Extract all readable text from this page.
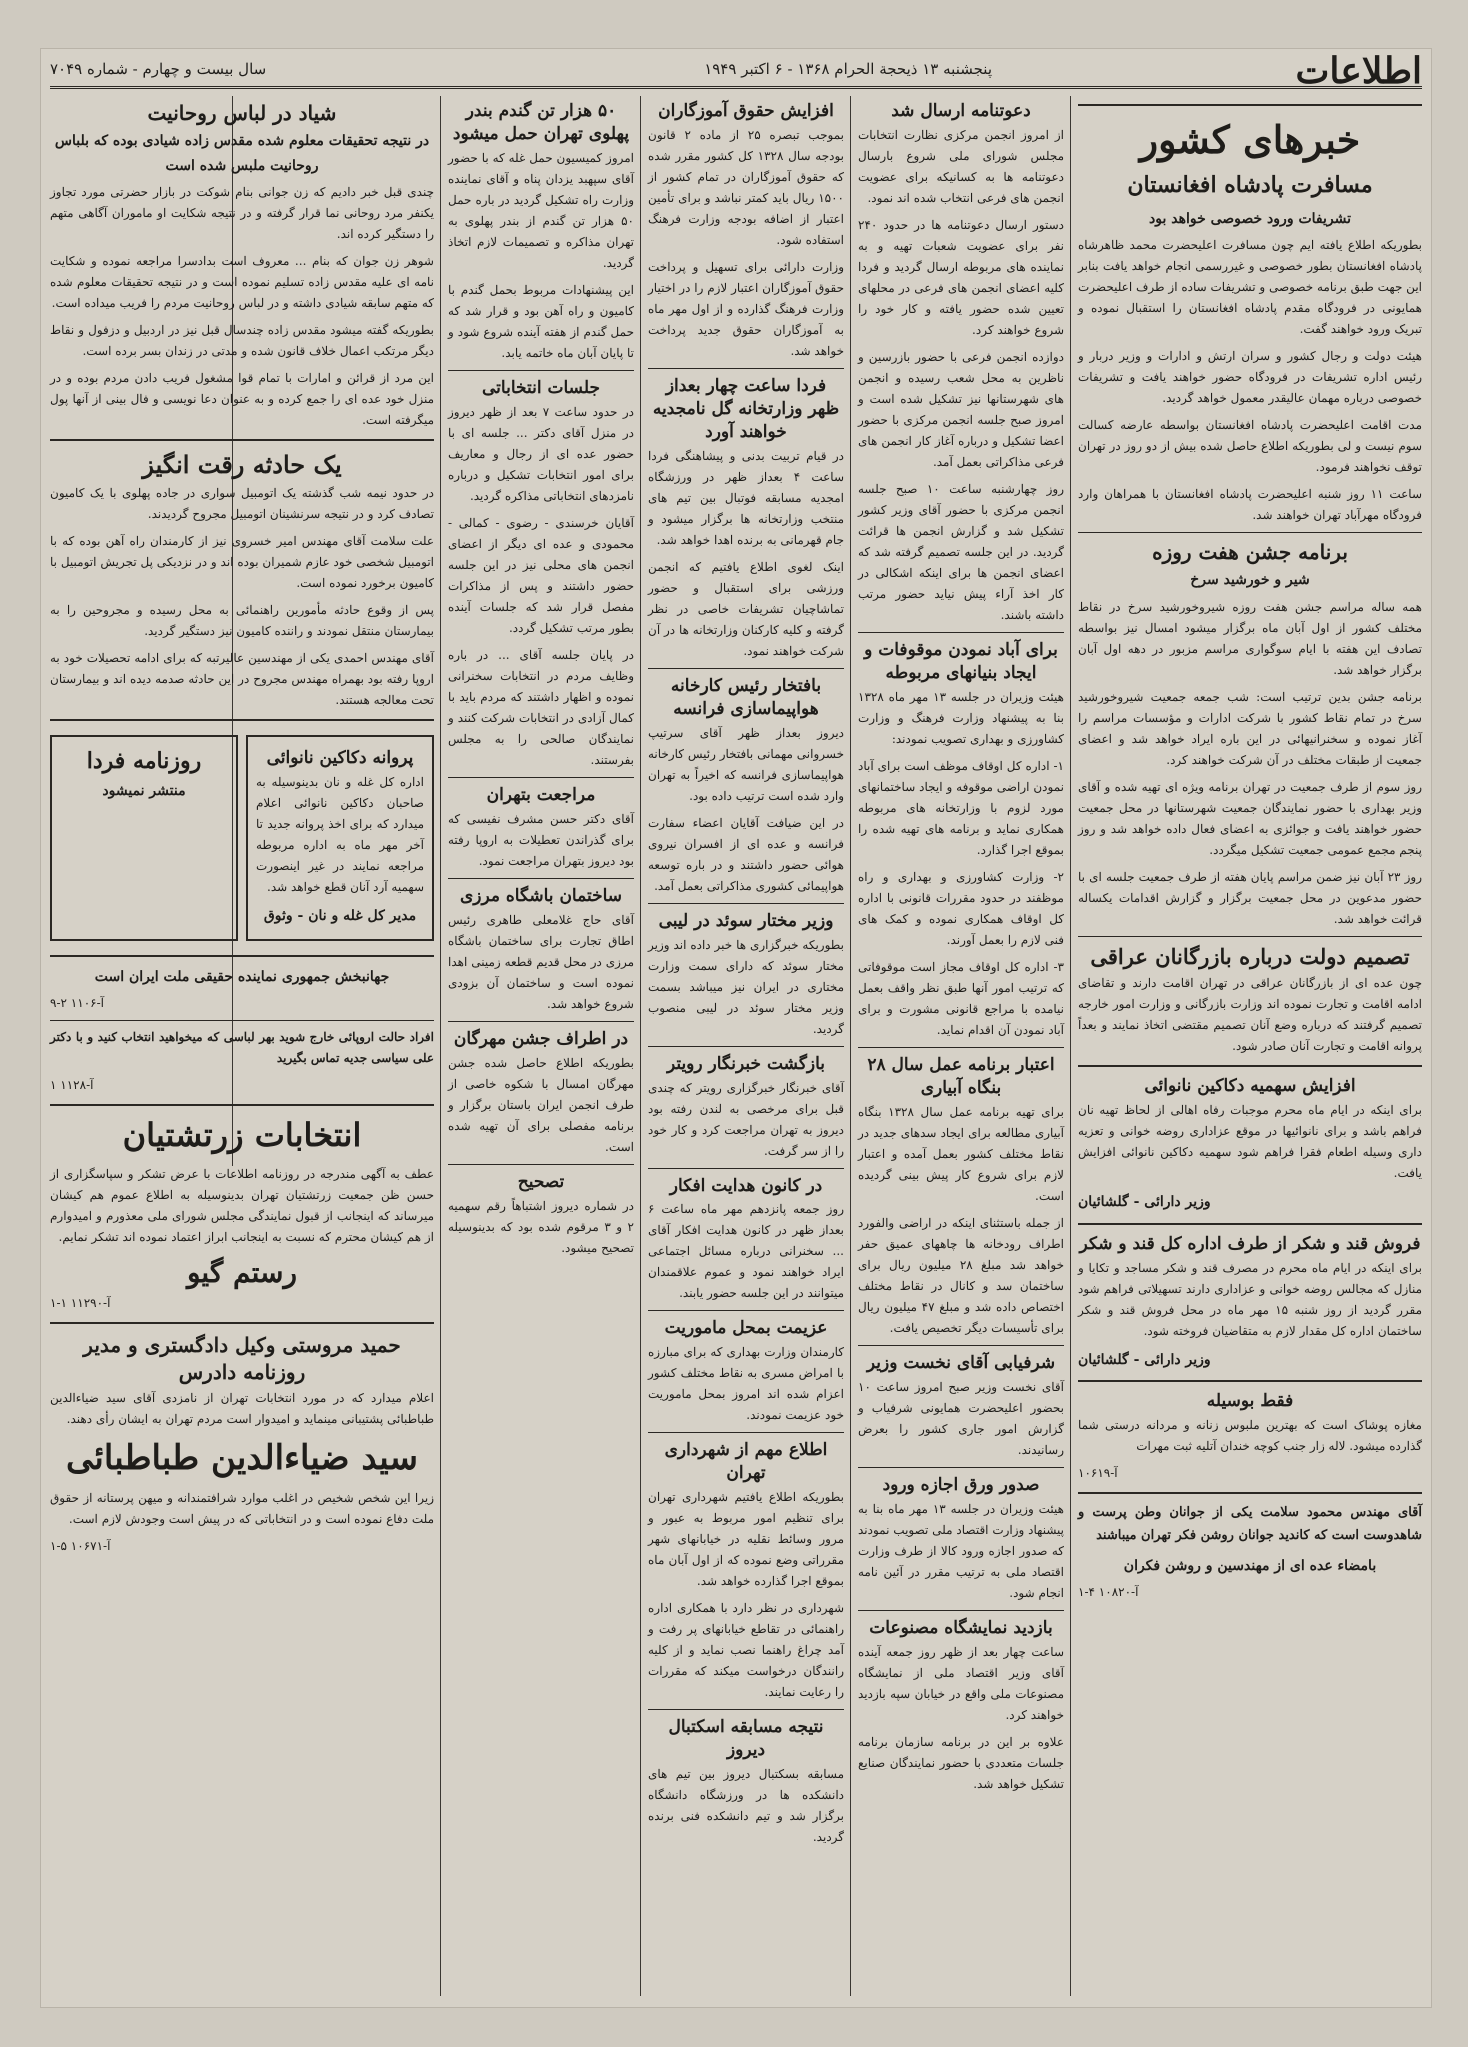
پنجشنبه ۱۳ ذیحجة الحرام ۱۳۶۸ - ۶ اکتبر ۱۹۴۹
سال بیست و چهارم - شماره ۷۰۴۹	اطلاعات
خبرهای کشور
مسافرت پادشاه افغانستان
تشریفات ورود خصوصی خواهد بود

بطوریکه اطلاع یافته ایم چون مسافرت اعلیحضرت محمد ظاهرشاه پادشاه افغانستان بطور خصوصی و غیررسمی انجام خواهد یافت بنابر این جهت طبق برنامه خصوصی و تشریفات ساده از طرف اعلیحضرت همایونی در فرودگاه مقدم پادشاه افغانستان را استقبال نموده و تبریک ورود خواهند گفت.

هیئت دولت و رجال کشور و سران ارتش و ادارات و وزیر دربار و رئیس اداره تشریفات در فرودگاه حضور خواهند یافت و تشریفات خصوصی درباره مهمان عالیقدر معمول خواهد گردید.

مدت اقامت اعلیحضرت پادشاه افغانستان بواسطه عارضه کسالت سوم نیست و لی بطوریکه اطلاع حاصل شده بیش از دو روز در تهران توقف نخواهند فرمود.

ساعت ۱۱ روز شنبه اعلیحضرت پادشاه افغانستان با همراهان وارد فرودگاه مهرآباد تهران خواهند شد.

برنامه جشن هفت روزه
شیر و خورشید سرخ

همه ساله مراسم جشن هفت روزه شیروخورشید سرخ در نقاط مختلف کشور از اول آبان ماه برگزار میشود امسال نیز بواسطه تصادف این هفته با ایام سوگواری مراسم مزبور در دهه اول آبان برگزار خواهد شد.

برنامه جشن بدین ترتیب است: شب جمعه جمعیت شیروخورشید سرخ در تمام نقاط کشور با شرکت ادارات و مؤسسات مراسم را آغاز نموده و سخنرانیهائی در این باره ایراد خواهد شد و اعضای جمعیت از طبقات مختلف در آن شرکت خواهند کرد.

روز سوم از طرف جمعیت در تهران برنامه ویژه ای تهیه شده و آقای وزیر بهداری با حضور نمایندگان جمعیت شهرستانها در محل جمعیت حضور خواهند یافت و جوائزی به اعضای فعال داده خواهد شد و روز پنجم مجمع عمومی جمعیت تشکیل میگردد.

روز ۲۳ آبان نیز ضمن مراسم پایان هفته از طرف جمعیت جلسه ای با حضور مدعوین در محل جمعیت برگزار و گزارش اقدامات یکساله قرائت خواهد شد.

تصمیم دولت درباره بازرگانان عراقی

چون عده ای از بازرگانان عراقی در تهران اقامت دارند و تقاضای ادامه اقامت و تجارت نموده اند وزارت بازرگانی و وزارت امور خارجه تصمیم گرفتند که درباره وضع آنان تصمیم مقتضی اتخاذ نمایند و بعداً پروانه اقامت و تجارت آنان صادر شود.

افزایش سهمیه دکاکین نانوائی

برای اینکه در ایام ماه محرم موجبات رفاه اهالی از لحاظ تهیه نان فراهم باشد و برای نانوائیها در موقع عزاداری روضه خوانی و تعزیه داری وسیله اطعام فقرا فراهم شود سهمیه دکاکین نانوائی افزایش یافت.

وزیر دارائی - گلشائیان
فروش قند و شکر از طرف اداره کل قند و شکر

برای اینکه در ایام ماه محرم در مصرف قند و شکر مساجد و تکایا و منازل که مجالس روضه خوانی و عزاداری دارند تسهیلاتی فراهم شود مقرر گردید از روز شنبه ۱۵ مهر ماه در محل فروش قند و شکر ساختمان اداره کل مقدار لازم به متقاضیان فروخته شود.

وزیر دارائی - گلشائیان
فقط بوسیله

مغازه پوشاک است که بهترین ملبوس زنانه و مردانه درستی شما گذارده میشود. لاله زار جنب کوچه خندان آتلیه ثبت مهرات

آ-۱۰۶۱۹

آقای مهندس محمود سلامت یکی از جوانان وطن پرست و شاهدوست است که کاندید جوانان روشن فکر تهران میباشند

بامضاء عده ای از مهندسین و روشن فکران
آ-۱۰۸۲۰ ۴-۱
دعوتنامه ارسال شد

از امروز انجمن مرکزی نظارت انتخابات مجلس شورای ملی شروع بارسال دعوتنامه ها به کسانیکه برای عضویت انجمن های فرعی انتخاب شده اند نمود.

دستور ارسال دعوتنامه ها در حدود ۲۴۰ نفر برای عضویت شعبات تهیه و به نماینده های مربوطه ارسال گردید و فردا کلیه اعضای انجمن های فرعی در محلهای تعیین شده حضور یافته و کار خود را شروع خواهند کرد.

دوازده انجمن فرعی با حضور بازرسین و ناظرین به محل شعب رسیده و انجمن های شهرستانها نیز تشکیل شده است و امروز صبح جلسه انجمن مرکزی با حضور اعضا تشکیل و درباره آغاز کار انجمن های فرعی مذاکراتی بعمل آمد.

روز چهارشنبه ساعت ۱۰ صبح جلسه انجمن مرکزی با حضور آقای وزیر کشور تشکیل شد و گزارش انجمن ها قرائت گردید. در این جلسه تصمیم گرفته شد که اعضای انجمن ها برای اینکه اشکالی در کار اخذ آراء پیش نیاید حضور مرتب داشته باشند.

برای آباد نمودن موقوفات و ایجاد بنیانهای مربوطه

هیئت وزیران در جلسه ۱۳ مهر ماه ۱۳۲۸ بنا به پیشنهاد وزارت فرهنگ و وزارت کشاورزی و بهداری تصویب نمودند:

۱- اداره کل اوقاف موظف است برای آباد نمودن اراضی موقوفه و ایجاد ساختمانهای مورد لزوم با وزارتخانه های مربوطه همکاری نماید و برنامه های تهیه شده را بموقع اجرا گذارد.

۲- وزارت کشاورزی و بهداری و راه موظفند در حدود مقررات قانونی با اداره کل اوقاف همکاری نموده و کمک های فنی لازم را بعمل آورند.

۳- اداره کل اوقاف مجاز است موقوفاتی که ترتیب امور آنها طبق نظر واقف بعمل نیامده با مراجع قانونی مشورت و برای آباد نمودن آن اقدام نماید.

اعتبار برنامه عمل سال ۲۸ بنگاه آبیاری

برای تهیه برنامه عمل سال ۱۳۲۸ بنگاه آبیاری مطالعه برای ایجاد سدهای جدید در نقاط مختلف کشور بعمل آمده و اعتبار لازم برای شروع کار پیش بینی گردیده است.

از جمله باستثنای اینکه در اراضی والفورد اطراف رودخانه ها چاههای عمیق حفر خواهد شد مبلغ ۲۸ میلیون ریال برای ساختمان سد و کانال در نقاط مختلف اختصاص داده شد و مبلغ ۴۷ میلیون ریال برای تأسیسات دیگر تخصیص یافت.

شرفیابی آقای نخست وزیر

آقای نخست وزیر صبح امروز ساعت ۱۰ بحضور اعلیحضرت همایونی شرفیاب و گزارش امور جاری کشور را بعرض رسانیدند.

صدور ورق اجازه ورود

هیئت وزیران در جلسه ۱۳ مهر ماه بنا به پیشنهاد وزارت اقتصاد ملی تصویب نمودند که صدور اجازه ورود کالا از طرف وزارت اقتصاد ملی به ترتیب مقرر در آئین نامه انجام شود.

بازدید نمایشگاه مصنوعات

ساعت چهار بعد از ظهر روز جمعه آینده آقای وزیر اقتصاد ملی از نمایشگاه مصنوعات ملی واقع در خیابان سپه بازدید خواهند کرد.

علاوه بر این در برنامه سازمان برنامه جلسات متعددی با حضور نمایندگان صنایع تشکیل خواهد شد.

افزایش حقوق آموزگاران

بموجب تبصره ۲۵ از ماده ۲ قانون بودجه سال ۱۳۲۸ کل کشور مقرر شده که حقوق آموزگاران در تمام کشور از ۱۵۰۰ ریال باید کمتر نباشد و برای تأمین اعتبار از اضافه بودجه وزارت فرهنگ استفاده شود.

وزارت دارائی برای تسهیل و پرداخت حقوق آموزگاران اعتبار لازم را در اختیار وزارت فرهنگ گذارده و از اول مهر ماه به آموزگاران حقوق جدید پرداخت خواهد شد.

فردا ساعت چهار بعداز ظهر وزارتخانه گل نامجدیه خواهند آورد

در قیام تربیت بدنی و پیشاهنگی فردا ساعت ۴ بعداز ظهر در ورزشگاه امجدیه مسابقه فوتبال بین تیم های منتخب وزارتخانه ها برگزار میشود و جام قهرمانی به برنده اهدا خواهد شد.

اینک لغوی اطلاع یافتیم که انجمن ورزشی برای استقبال و حضور تماشاچیان تشریفات خاصی در نظر گرفته و کلیه کارکنان وزارتخانه ها در آن شرکت خواهند نمود.

بافتخار رئیس کارخانه هواپیماسازی فرانسه

دیروز بعداز ظهر آقای سرتیپ خسروانی مهمانی بافتخار رئیس کارخانه هواپیماسازی فرانسه که اخیراً به تهران وارد شده است ترتیب داده بود.

در این ضیافت آقایان اعضاء سفارت فرانسه و عده ای از افسران نیروی هوائی حضور داشتند و در باره توسعه هواپیمائی کشوری مذاکراتی بعمل آمد.

وزیر مختار سوئد در لیبی

بطوریکه خبرگزاری ها خبر داده اند وزیر مختار سوئد که دارای سمت وزارت مختاری در ایران نیز میباشد بسمت وزیر مختار سوئد در لیبی منصوب گردید.

بازگشت خبرنگار رویتر

آقای خبرنگار خبرگزاری رویتر که چندی قبل برای مرخصی به لندن رفته بود دیروز به تهران مراجعت کرد و کار خود را از سر گرفت.

در کانون هدایت افکار

روز جمعه پانزدهم مهر ماه ساعت ۶ بعداز ظهر در کانون هدایت افکار آقای ... سخنرانی درباره مسائل اجتماعی ایراد خواهند نمود و عموم علاقمندان میتوانند در این جلسه حضور یابند.

عزیمت بمحل ماموریت

کارمندان وزارت بهداری که برای مبارزه با امراض مسری به نقاط مختلف کشور اعزام شده اند امروز بمحل ماموریت خود عزیمت نمودند.

اطلاع مهم از شهرداری تهران

بطوریکه اطلاع یافتیم شهرداری تهران برای تنظیم امور مربوط به عبور و مرور وسائط نقلیه در خیابانهای شهر مقرراتی وضع نموده که از اول آبان ماه بموقع اجرا گذارده خواهد شد.

شهرداری در نظر دارد با همکاری اداره راهنمائی در تقاطع خیابانهای پر رفت و آمد چراغ راهنما نصب نماید و از کلیه رانندگان درخواست میکند که مقررات را رعایت نمایند.

نتیجه مسابقه اسکتبال دیروز

مسابقه بسکتبال دیروز بین تیم های دانشکده ها در ورزشگاه دانشگاه برگزار شد و تیم دانشکده فنی برنده گردید.

۵۰ هزار تن گندم بندر پهلوی تهران حمل میشود

امروز کمیسیون حمل غله که با حضور آقای سپهبد یزدان پناه و آقای نماینده وزارت راه تشکیل گردید در باره حمل ۵۰ هزار تن گندم از بندر پهلوی به تهران مذاکره و تصمیمات لازم اتخاذ گردید.

این پیشنهادات مربوط بحمل گندم با کامیون و راه آهن بود و قرار شد که حمل گندم از هفته آینده شروع شود و تا پایان آبان ماه خاتمه یابد.

جلسات انتخاباتی

در حدود ساعت ۷ بعد از ظهر دیروز در منزل آقای دکتر ... جلسه ای با حضور عده ای از رجال و معاریف برای امور انتخابات تشکیل و درباره نامزدهای انتخاباتی مذاکره گردید.

آقایان خرسندی - رضوی - کمالی - محمودی و عده ای دیگر از اعضای انجمن های محلی نیز در این جلسه حضور داشتند و پس از مذاکرات مفصل قرار شد که جلسات آینده بطور مرتب تشکیل گردد.

در پایان جلسه آقای ... در باره وظایف مردم در انتخابات سخنرانی نموده و اظهار داشتند که مردم باید با کمال آزادی در انتخابات شرکت کنند و نمایندگان صالحی را به مجلس بفرستند.

مراجعت بتهران

آقای دکتر حسن مشرف نفیسی که برای گذراندن تعطیلات به اروپا رفته بود دیروز بتهران مراجعت نمود.

ساختمان باشگاه مرزی

آقای حاج غلامعلی طاهری رئیس اطاق تجارت برای ساختمان باشگاه مرزی در محل قدیم قطعه زمینی اهدا نموده است و ساختمان آن بزودی شروع خواهد شد.

در اطراف جشن مهرگان

بطوریکه اطلاع حاصل شده جشن مهرگان امسال با شکوه خاصی از طرف انجمن ایران باستان برگزار و برنامه مفصلی برای آن تهیه شده است.

تصحیح

در شماره دیروز اشتباهاً رقم سهمیه ۲ و ۳ مرقوم شده بود که بدینوسیله تصحیح میشود.

شیاد در لباس روحانیت
در نتیجه تحقیقات معلوم شده مقدس زاده شیادی بوده که بلباس روحانیت ملبس شده است

چندی قبل خبر دادیم که زن جوانی بنام شوکت در بازار حضرتی مورد تجاوز یکنفر مرد روحانی نما قرار گرفته و در نتیجه شکایت او ماموران آگاهی متهم را دستگیر کرده اند.

شوهر زن جوان که بنام ... معروف است بدادسرا مراجعه نموده و شکایت نامه ای علیه مقدس زاده تسلیم نموده است و در نتیجه تحقیقات معلوم شده که متهم سابقه شیادی داشته و در لباس روحانیت مردم را فریب میداده است.

بطوریکه گفته میشود مقدس زاده چندسال قبل نیز در اردبیل و دزفول و نقاط دیگر مرتکب اعمال خلاف قانون شده و مدتی در زندان بسر برده است.

این مرد از قرائن و امارات با تمام قوا مشغول فریب دادن مردم بوده و در منزل خود عده ای را جمع کرده و به عنوان دعا نویسی و فال بینی از آنها پول میگرفته است.

یک حادثه رقت انگیز

در حدود نیمه شب گذشته یک اتومبیل سواری در جاده پهلوی با یک کامیون تصادف کرد و در نتیجه سرنشینان اتومبیل مجروح گردیدند.

علت سلامت آقای مهندس امیر خسروی نیز از کارمندان راه آهن بوده که با اتومبیل شخصی خود عازم شمیران بوده اند و در نزدیکی پل تجریش اتومبیل با کامیون برخورد نموده است.

پس از وقوع حادثه مأمورین راهنمائی به محل رسیده و مجروحین را به بیمارستان منتقل نمودند و راننده کامیون نیز دستگیر گردید.

آقای مهندس احمدی یکی از مهندسین عالیرتبه که برای ادامه تحصیلات خود به اروپا رفته بود بهمراه مهندس مجروح در این حادثه صدمه دیده اند و بیمارستان تحت معالجه هستند.

پروانه دکاکین نانوائی

اداره کل غله و نان بدینوسیله به صاحبان دکاکین نانوائی اعلام میدارد که برای اخذ پروانه جدید تا آخر مهر ماه به اداره مربوطه مراجعه نمایند در غیر اینصورت سهمیه آرد آنان قطع خواهد شد.

مدیر کل غله و نان - وثوق
روزنامه فردا
منتشر نمیشود
جهانبخش جمهوری نماینده حقیقی ملت ایران است
آ-۱۱۰۶ ۲-۹

افراد حالت اروپائی خارج شوید بهر لباسی که میخواهید انتخاب کنید و با دکتر علی سیاسی جدیه تماس بگیرید

آ-۱۱۲۸ ۱
انتخابات زرتشتیان

عطف به آگهی مندرجه در روزنامه اطلاعات با عرض تشکر و سپاسگزاری از حسن ظن جمعیت زرتشتیان تهران بدینوسیله به اطلاع عموم هم کیشان میرساند که اینجانب از قبول نمایندگی مجلس شورای ملی معذورم و امیدوارم از هم کیشان محترم که نسبت به اینجانب ابراز اعتماد نموده اند تشکر نمایم.

رستم گیو
آ-۱۱۲۹۰ ۱-۱
حمید مروستی وکیل دادگستری و مدیر روزنامه دادرس

اعلام میدارد که در مورد انتخابات تهران از نامزدی آقای سید ضیاءالدین طباطبائی پشتیبانی مینماید و امیدوار است مردم تهران به ایشان رأی دهند.

سید ضیاءالدین طباطبائی

زیرا این شخص شخیص در اغلب موارد شرافتمندانه و میهن پرستانه از حقوق ملت دفاع نموده است و در انتخاباتی که در پیش است وجودش لازم است.

آ-۱۰۶۷۱ ۵-۱
